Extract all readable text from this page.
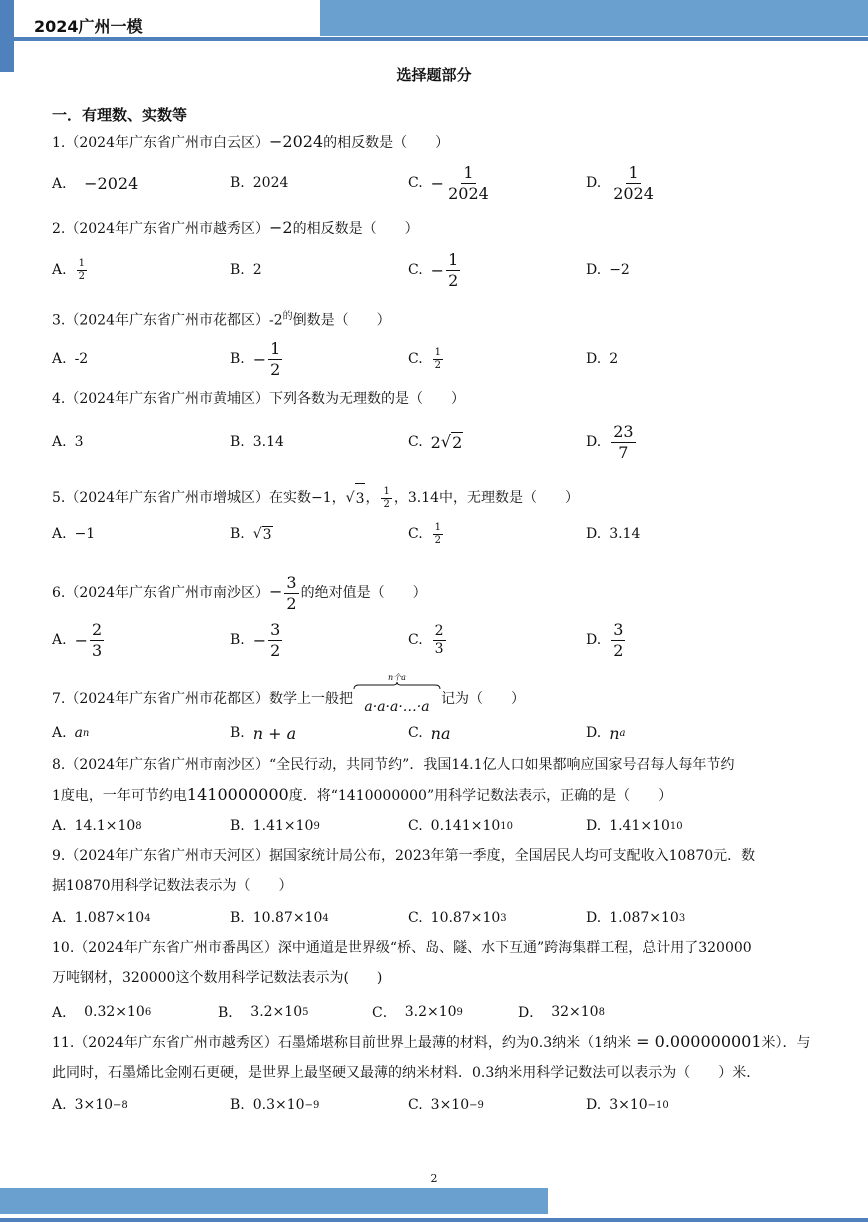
2024广州一模
选择题部分
一．有理数、实数等
1.（2024年广东省广州市白云区）−2024的相反数是（　　）
A． −2024	B. 2024	C. − $\frac{1}{2024}$	D. $\frac{1}{2024}$
2.（2024年广东省广州市越秀区）−2的相反数是（　　）
A. $\frac{1}{2}$	B. 2	C. − $\frac{1}{2}$	D. −2
3.（2024年广东省广州市花都区）$-2^的$倒数是（　　）
A. -2	B. − $\frac{1}{2}$	C. $\frac{1}{2}$	D. 2
4.（2024年广东省广州市黄埔区）下列各数为无理数的是（　　）
A. 3	B. 3.14	C. 2 √ 2	D. $\frac{23}{7}$
5.（2024年广东省广州市增城区）在实数−1，√ 3 ， $\frac{1}{2}$ ，3.14中，无理数是（　　）
A. −1	B. √ 3	C. $\frac{1}{2}$	D. 3.14
6.（2024年广东省广州市南沙区）− $\frac{3}{2}$ 的绝对值是（　　）
A. − $\frac{2}{3}$	B. − $\frac{3}{2}$	C. $\frac{2}{3}$	D. $\frac{3}{2}$
7.（2024年广东省广州市花都区）数学上一般把
n个a
a·a·a·…·a 记为（　　）
A. a n	B. n + a	C. na	D. n a
8.（2024年广东省广州市南沙区）“全民行动，共同节约”．我国14.1亿人口如果都响应国家号召每人每年节约
1度电，一年可节约电1410000000度．将“1410000000”用科学记数法表示，正确的是（　　）
A. 14.1×10 8	B. 1.41×10 9	C. 0.141×10 10	D. 1.41×10 10
9.（2024年广东省广州市天河区）据国家统计局公布，2023年第一季度，全国居民人均可支配收入10870元．数
据10870用科学记数法表示为（　　）
A. 1.087×10 4	B. 10.87×10 4	C. 10.87×10 3	D. 1.087×10 3
10.（2024年广东省广州市番禺区）深中通道是世界级“桥、岛、隧、水下互通”跨海集群工程，总计用了320000
万吨钢材，320000这个数用科学记数法表示为(　　)
A． 0.32×10 6	B． 3.2×10 5	C． 3.2×10 9	D． 32×10 8
11.（2024年广东省广州市越秀区）石墨烯堪称目前世界上最薄的材料，约为0.3纳米（1纳米 = 0.000000001米）．与
此同时，石墨烯比金刚石更硬，是世界上最坚硬又最薄的纳米材料．0.3纳米用科学记数法可以表示为（　　）米．
A. 3×10 −8	B. 0.3×10 −9	C. 3×10 −9	D. 3×10 −10
2
